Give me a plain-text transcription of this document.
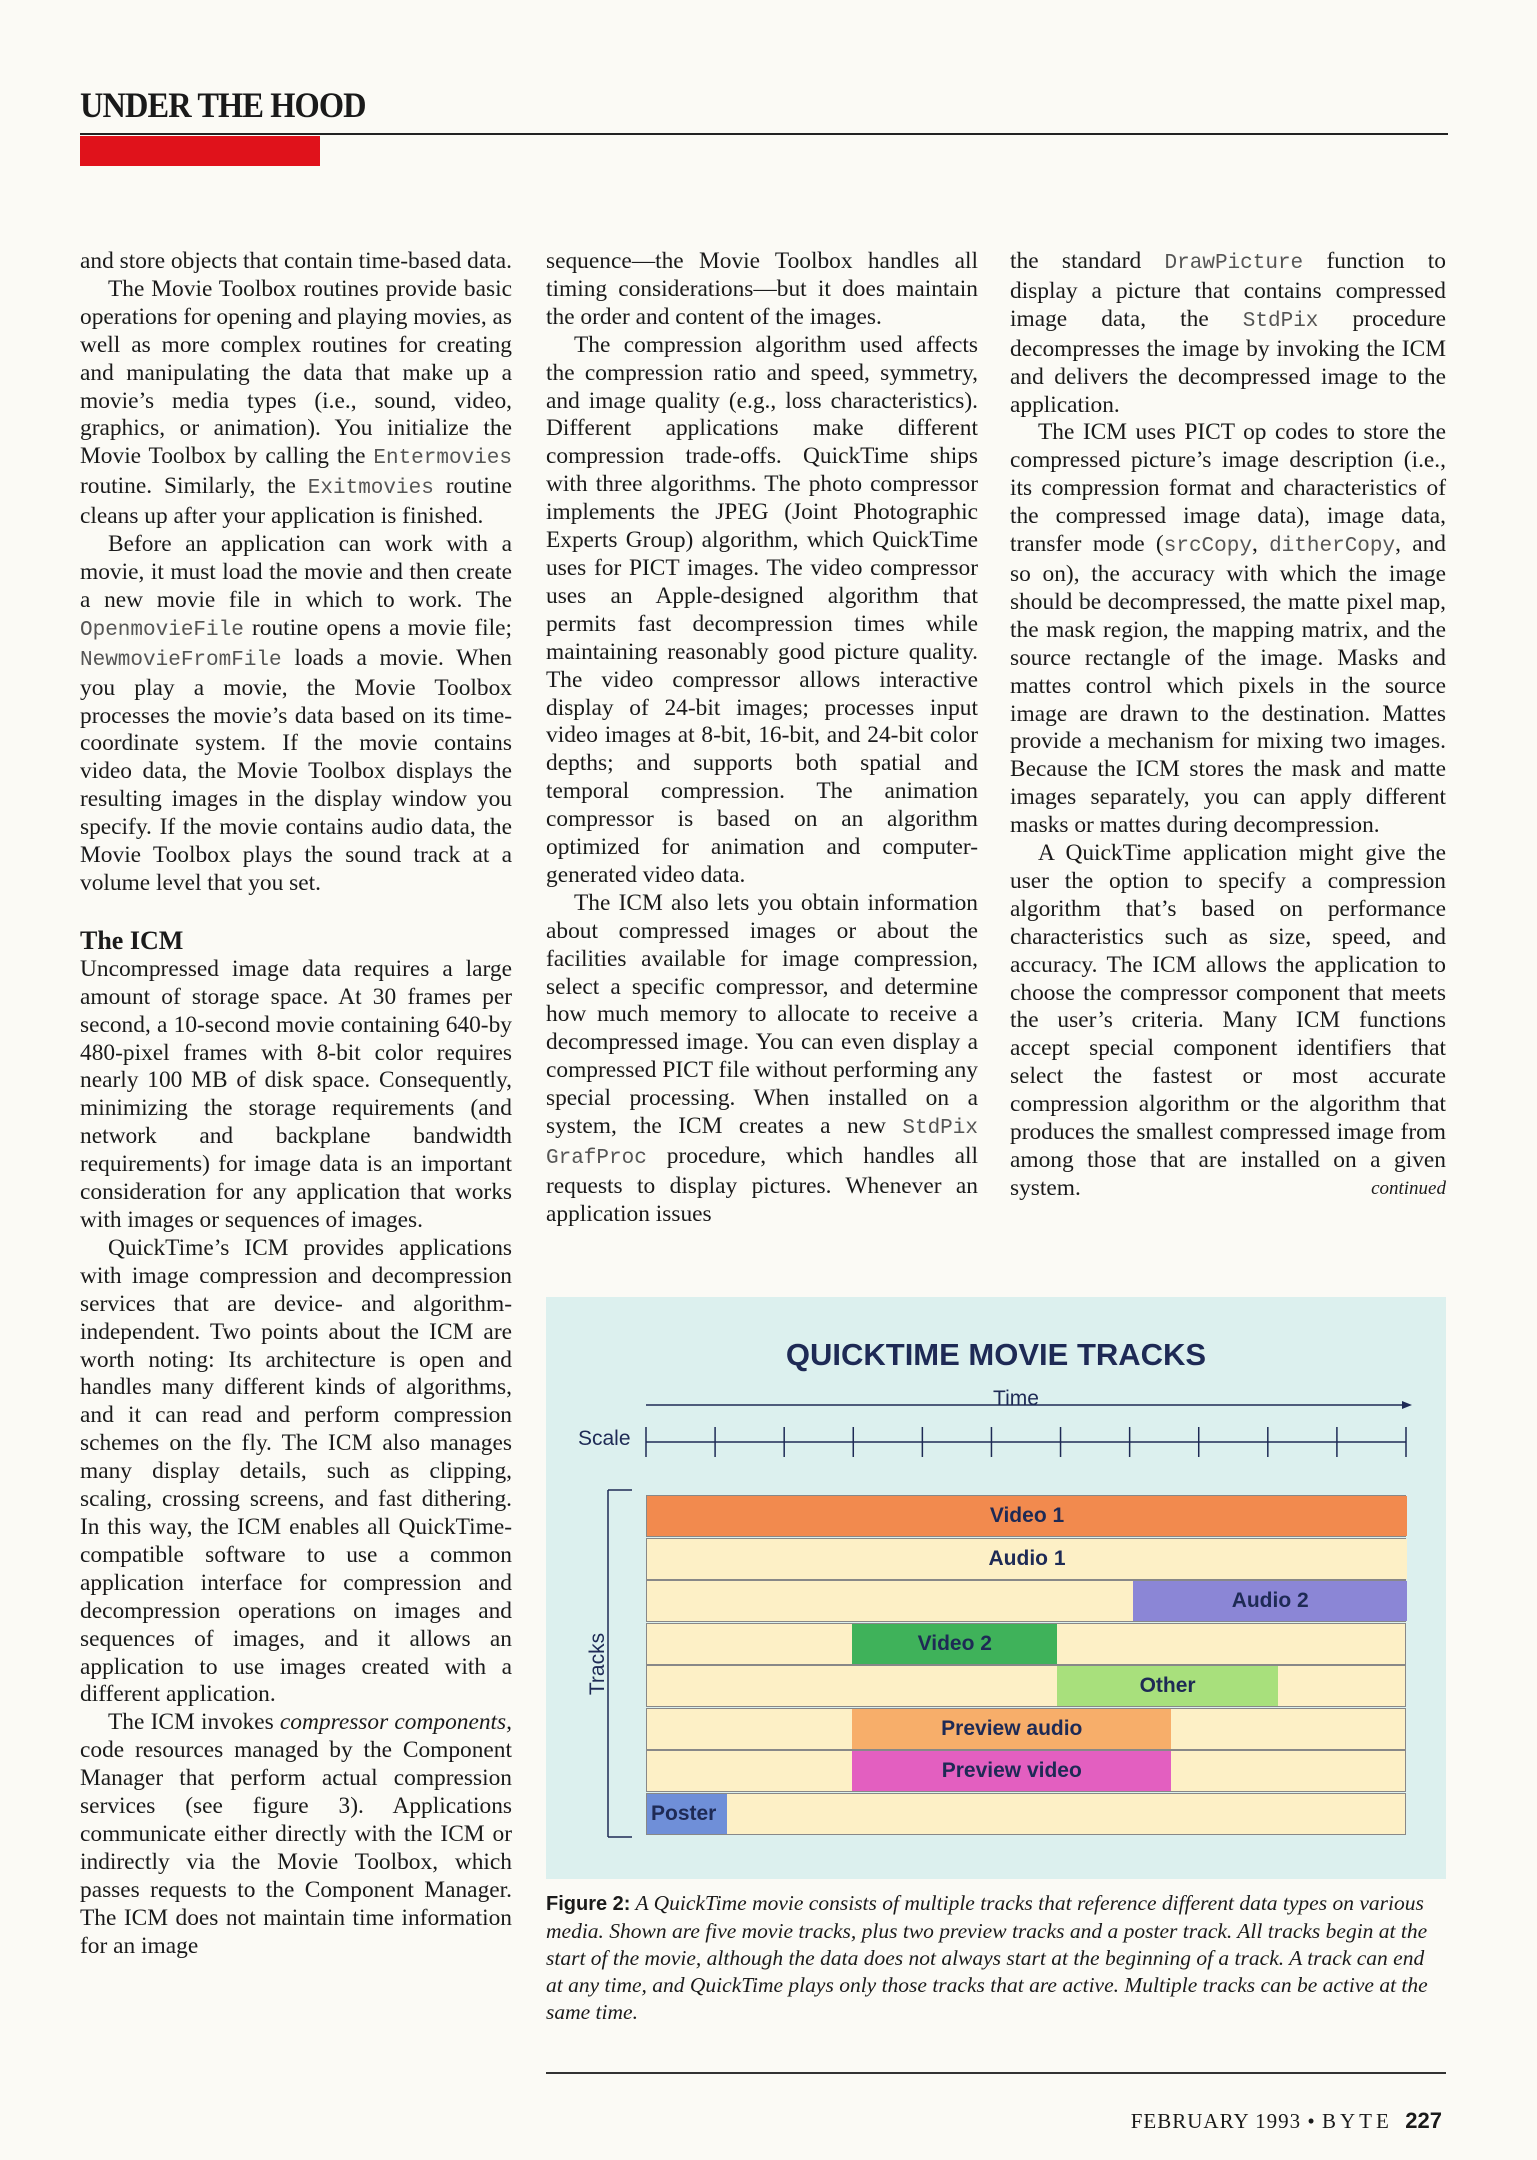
UNDER THE HOOD

and store objects that contain time-based data.

The Movie Toolbox routines provide basic operations for opening and playing movies, as well as more complex routines for creating and manipulating the data that make up a movie’s media types (i.e., sound, video, graphics, or animation). You initialize the Movie Toolbox by calling the Entermovies routine. Similarly, the Exitmovies routine cleans up after your application is finished.

Before an application can work with a movie, it must load the movie and then create a new movie file in which to work. The OpenmovieFile routine opens a movie file; NewmovieFromFile loads a movie. When you play a movie, the Movie Toolbox processes the movie’s data based on its time-coordinate system. If the movie contains video data, the Movie Toolbox displays the resulting images in the display window you specify. If the movie contains audio data, the Movie Toolbox plays the sound track at a volume level that you set.

The ICM

Uncompressed image data requires a large amount of storage space. At 30 frames per second, a 10-second movie containing 640-by 480-pixel frames with 8-bit color requires nearly 100 MB of disk space. Consequently, minimizing the storage requirements (and network and backplane bandwidth requirements) for image data is an important consideration for any application that works with images or sequences of images.

QuickTime’s ICM provides applications with image compression and decompression services that are device- and algorithm-independent. Two points about the ICM are worth noting: Its architecture is open and handles many different kinds of algorithms, and it can read and perform compression schemes on the fly. The ICM also manages many display details, such as clipping, scaling, crossing screens, and fast dithering. In this way, the ICM enables all QuickTime-compatible software to use a common application interface for compression and decompression operations on images and sequences of images, and it allows an application to use images created with a different application.

The ICM invokes compressor components, code resources managed by the Component Manager that perform actual compression services (see figure 3). Applications communicate either directly with the ICM or indirectly via the Movie Toolbox, which passes requests to the Component Manager. The ICM does not maintain time information for an image

sequence—the Movie Toolbox handles all timing considerations—but it does maintain the order and content of the images.

The compression algorithm used affects the compression ratio and speed, symmetry, and image quality (e.g., loss characteristics). Different applications make different compression trade-offs. QuickTime ships with three algorithms. The photo compressor implements the JPEG (Joint Photographic Experts Group) algorithm, which QuickTime uses for PICT images. The video compressor uses an Apple-designed algorithm that permits fast decompression times while maintaining reasonably good picture quality. The video compressor allows interactive display of 24-bit images; processes input video images at 8-bit, 16-bit, and 24-bit color depths; and supports both spatial and temporal compression. The animation compressor is based on an algorithm optimized for animation and computer-generated video data.

The ICM also lets you obtain information about compressed images or about the facilities available for image compression, select a specific compressor, and determine how much memory to allocate to receive a decompressed image. You can even display a compressed PICT file without performing any special processing. When installed on a system, the ICM creates a new StdPix GrafProc procedure, which handles all requests to display pictures. Whenever an application issues

the standard DrawPicture function to display a picture that contains compressed image data, the StdPix procedure decompresses the image by invoking the ICM and delivers the decompressed image to the application.

The ICM uses PICT op codes to store the compressed picture’s image description (i.e., its compression format and characteristics of the compressed image data), image data, transfer mode (srcCopy, ditherCopy, and so on), the accuracy with which the image should be decompressed, the matte pixel map, the mask region, the mapping matrix, and the source rectangle of the image. Masks and mattes control which pixels in the source image are drawn to the destination. Mattes provide a mechanism for mixing two images. Because the ICM stores the mask and matte images separately, you can apply different masks or mattes during decompression.

A QuickTime application might give the user the option to specify a compression algorithm that’s based on performance characteristics such as size, speed, and accuracy. The ICM allows the application to choose the compressor component that meets the user’s criteria. Many ICM functions accept special component identifiers that select the fastest or most accurate compression algorithm or the algorithm that produces the smallest compressed image from among those that are installed on a given system.	continued

QUICKTIME MOVIE TRACKS
Time
Scale
Tracks
Video 1
Audio 1
Audio 2
Video 2
Other
Preview audio
Preview video
Poster
Figure 2: A QuickTime movie consists of multiple tracks that reference different data types on various media. Shown are five movie tracks, plus two preview tracks and a poster track. All tracks begin at the start of the movie, although the data does not always start at the beginning of a track. A track can end at any time, and QuickTime plays only those tracks that are active. Multiple tracks can be active at the same time.
FEBRUARY 1993 • BYTE 227
